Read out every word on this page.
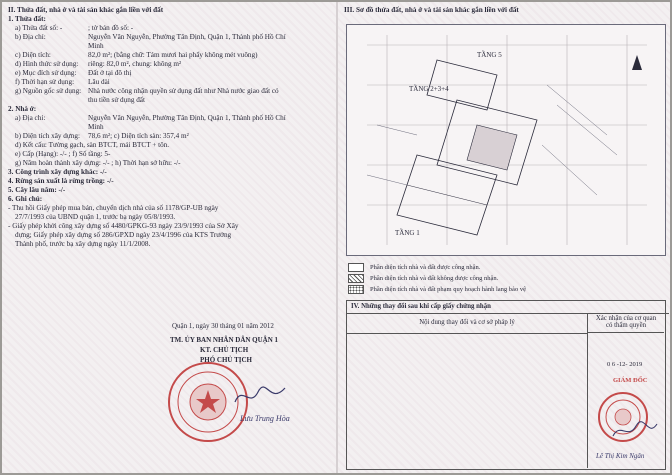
II. Thửa đất, nhà ở và tài sản khác gắn liền với đất
1. Thửa đất:
a) Thửa đất số: -	; tờ bản đồ số: -
b) Địa chỉ:	Nguyễn Văn Nguyễn, Phường Tân Định, Quận 1, Thành phố Hồ Chí
Minh
c) Diện tích:	82,0 m²; (bằng chữ: Tám mươi hai phẩy không mét vuông)
d) Hình thức sử dụng: riêng: 82,0 m², chung: không m²
e) Mục đích sử dụng: Đất ở tại đô thị
f) Thời hạn sử dụng: Lâu dài
g) Nguồn gốc sử dụng: Nhà nước công nhận quyền sử dụng đất như Nhà nước giao đất có
thu tiền sử dụng đất
2. Nhà ở:
a) Địa chỉ:	Nguyễn Văn Nguyễn, Phường Tân Định, Quận 1, Thành phố Hồ Chí
Minh
b) Diện tích xây dựng: 78,6 m²; c) Diện tích sàn: 357,4 m²
d) Kết cấu: Tường gạch, sàn BTCT, mái BTCT + tôn.
e) Cấp (Hạng): -/- ; f) Số tầng: 5-
g) Năm hoàn thành xây dựng: -/- ; h) Thời hạn sở hữu: -/-
3. Công trình xây dựng khác: -/-
4. Rừng sản xuất là rừng trồng: -/-
5. Cây lâu năm: -/-
6. Ghi chú:
- Thu hồi Giấy phép mua bán, chuyển dịch nhà của số 1178/GP-UB ngày
27/7/1993 của UBND quận 1, trước bạ ngày 05/8/1993.
- Giấy phép khởi công xây dựng số 4480/GPKG-93 ngày 23/9/1993 của Sở Xây
dựng; Giấy phép xây dựng số 286/GPXD ngày 23/4/1996 của KTS Trưởng
Thành phố, trước bạ xây dựng ngày 11/1/2008.
Quận 1, ngày 30 tháng 01 năm 2012
TM. ỦY BAN NHÂN DÂN QUẬN 1
KT. CHỦ TỊCH
PHÓ CHỦ TỊCH
Lưu Trung Hòa
III. Sơ đồ thửa đất, nhà ở và tài sản khác gắn liền với đất
TẦNG 5
TẦNG 2+3+4
TẦNG 1
Phần diện tích nhà và đất được công nhận.
Phần diện tích nhà và đất không được công nhận.
Phần diện tích nhà và đất phạm quy hoạch hành lang bảo vệ
IV. Những thay đổi sau khi cấp giấy chứng nhận
Nội dung thay đổi và cơ sở pháp lý
Xác nhận của cơ quan
có thẩm quyền
0 6 -12- 2019
GIÁM ĐỐC
Lê Thị Kim Ngân
